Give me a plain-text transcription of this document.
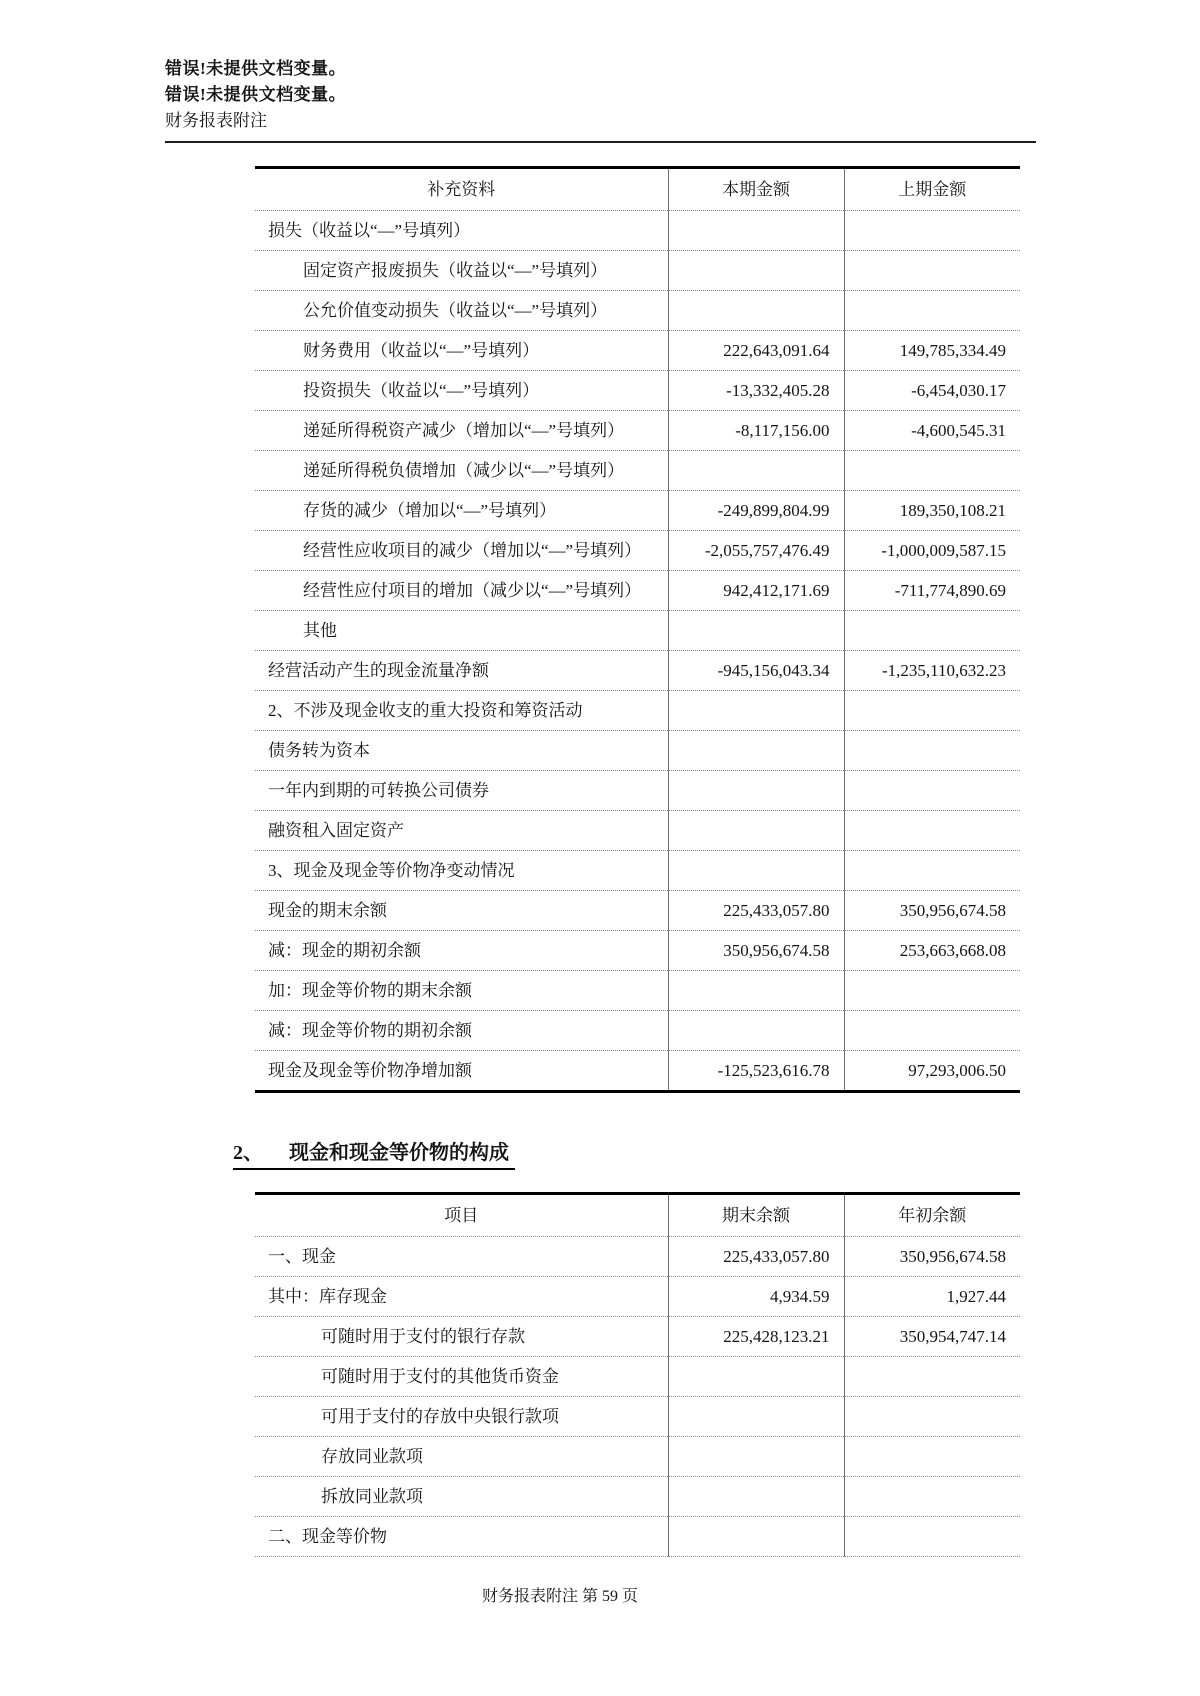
错误!未提供文档变量。
错误!未提供文档变量。
财务报表附注
补充资料	本期金额	上期金额
损失（收益以“—”号填列）		
固定资产报废损失（收益以“—”号填列）		
公允价值变动损失（收益以“—”号填列）		
财务费用（收益以“—”号填列）	222,643,091.64	149,785,334.49
投资损失（收益以“—”号填列）	-13,332,405.28	-6,454,030.17
递延所得税资产减少（增加以“—”号填列）	-8,117,156.00	-4,600,545.31
递延所得税负债增加（减少以“—”号填列）		
存货的减少（增加以“—”号填列）	-249,899,804.99	189,350,108.21
经营性应收项目的减少（增加以“—”号填列）	-2,055,757,476.49	-1,000,009,587.15
经营性应付项目的增加（减少以“—”号填列）	942,412,171.69	-711,774,890.69
其他		
经营活动产生的现金流量净额	-945,156,043.34	-1,235,110,632.23
2、不涉及现金收支的重大投资和筹资活动		
债务转为资本		
一年内到期的可转换公司债券		
融资租入固定资产		
3、现金及现金等价物净变动情况		
现金的期末余额	225,433,057.80	350,956,674.58
减：现金的期初余额	350,956,674.58	253,663,668.08
加：现金等价物的期末余额		
减：现金等价物的期初余额		
现金及现金等价物净增加额	-125,523,616.78	97,293,006.50
2、 现金和现金等价物的构成
项目	期末余额	年初余额
一、现金	225,433,057.80	350,956,674.58
其中：库存现金	4,934.59	1,927.44
可随时用于支付的银行存款	225,428,123.21	350,954,747.14
可随时用于支付的其他货币资金		
可用于支付的存放中央银行款项		
存放同业款项		
拆放同业款项		
二、现金等价物		
财务报表附注 第 59 页
